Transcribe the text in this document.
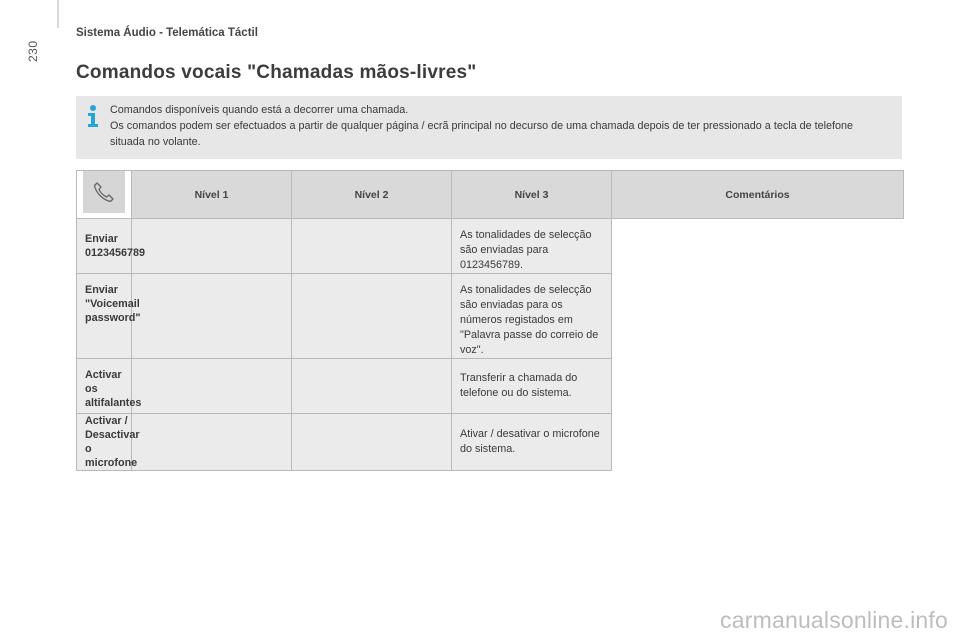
230
Sistema Áudio - Telemática Táctil
Comandos vocais "Chamadas mãos-livres"
Comandos disponíveis quando está a decorrer uma chamada.
Os comandos podem ser efectuados a partir de qualquer página / ecrã principal no decurso de uma chamada depois de ter pressionado a tecla de telefone situada no volante.
	Nível 1	Nível 2	Nível 3	Comentários
Enviar 0123456789			As tonalidades de selecção são enviadas para 0123456789.	
Enviar "Voicemail password"			As tonalidades de selecção são enviadas para os números registados em "Palavra passe do correio de voz".	
Activar os altifalantes			Transferir a chamada do telefone ou do sistema.	
Activar / Desactivar o microfone			Ativar / desativar o microfone do sistema.	
carmanualsonline.info
